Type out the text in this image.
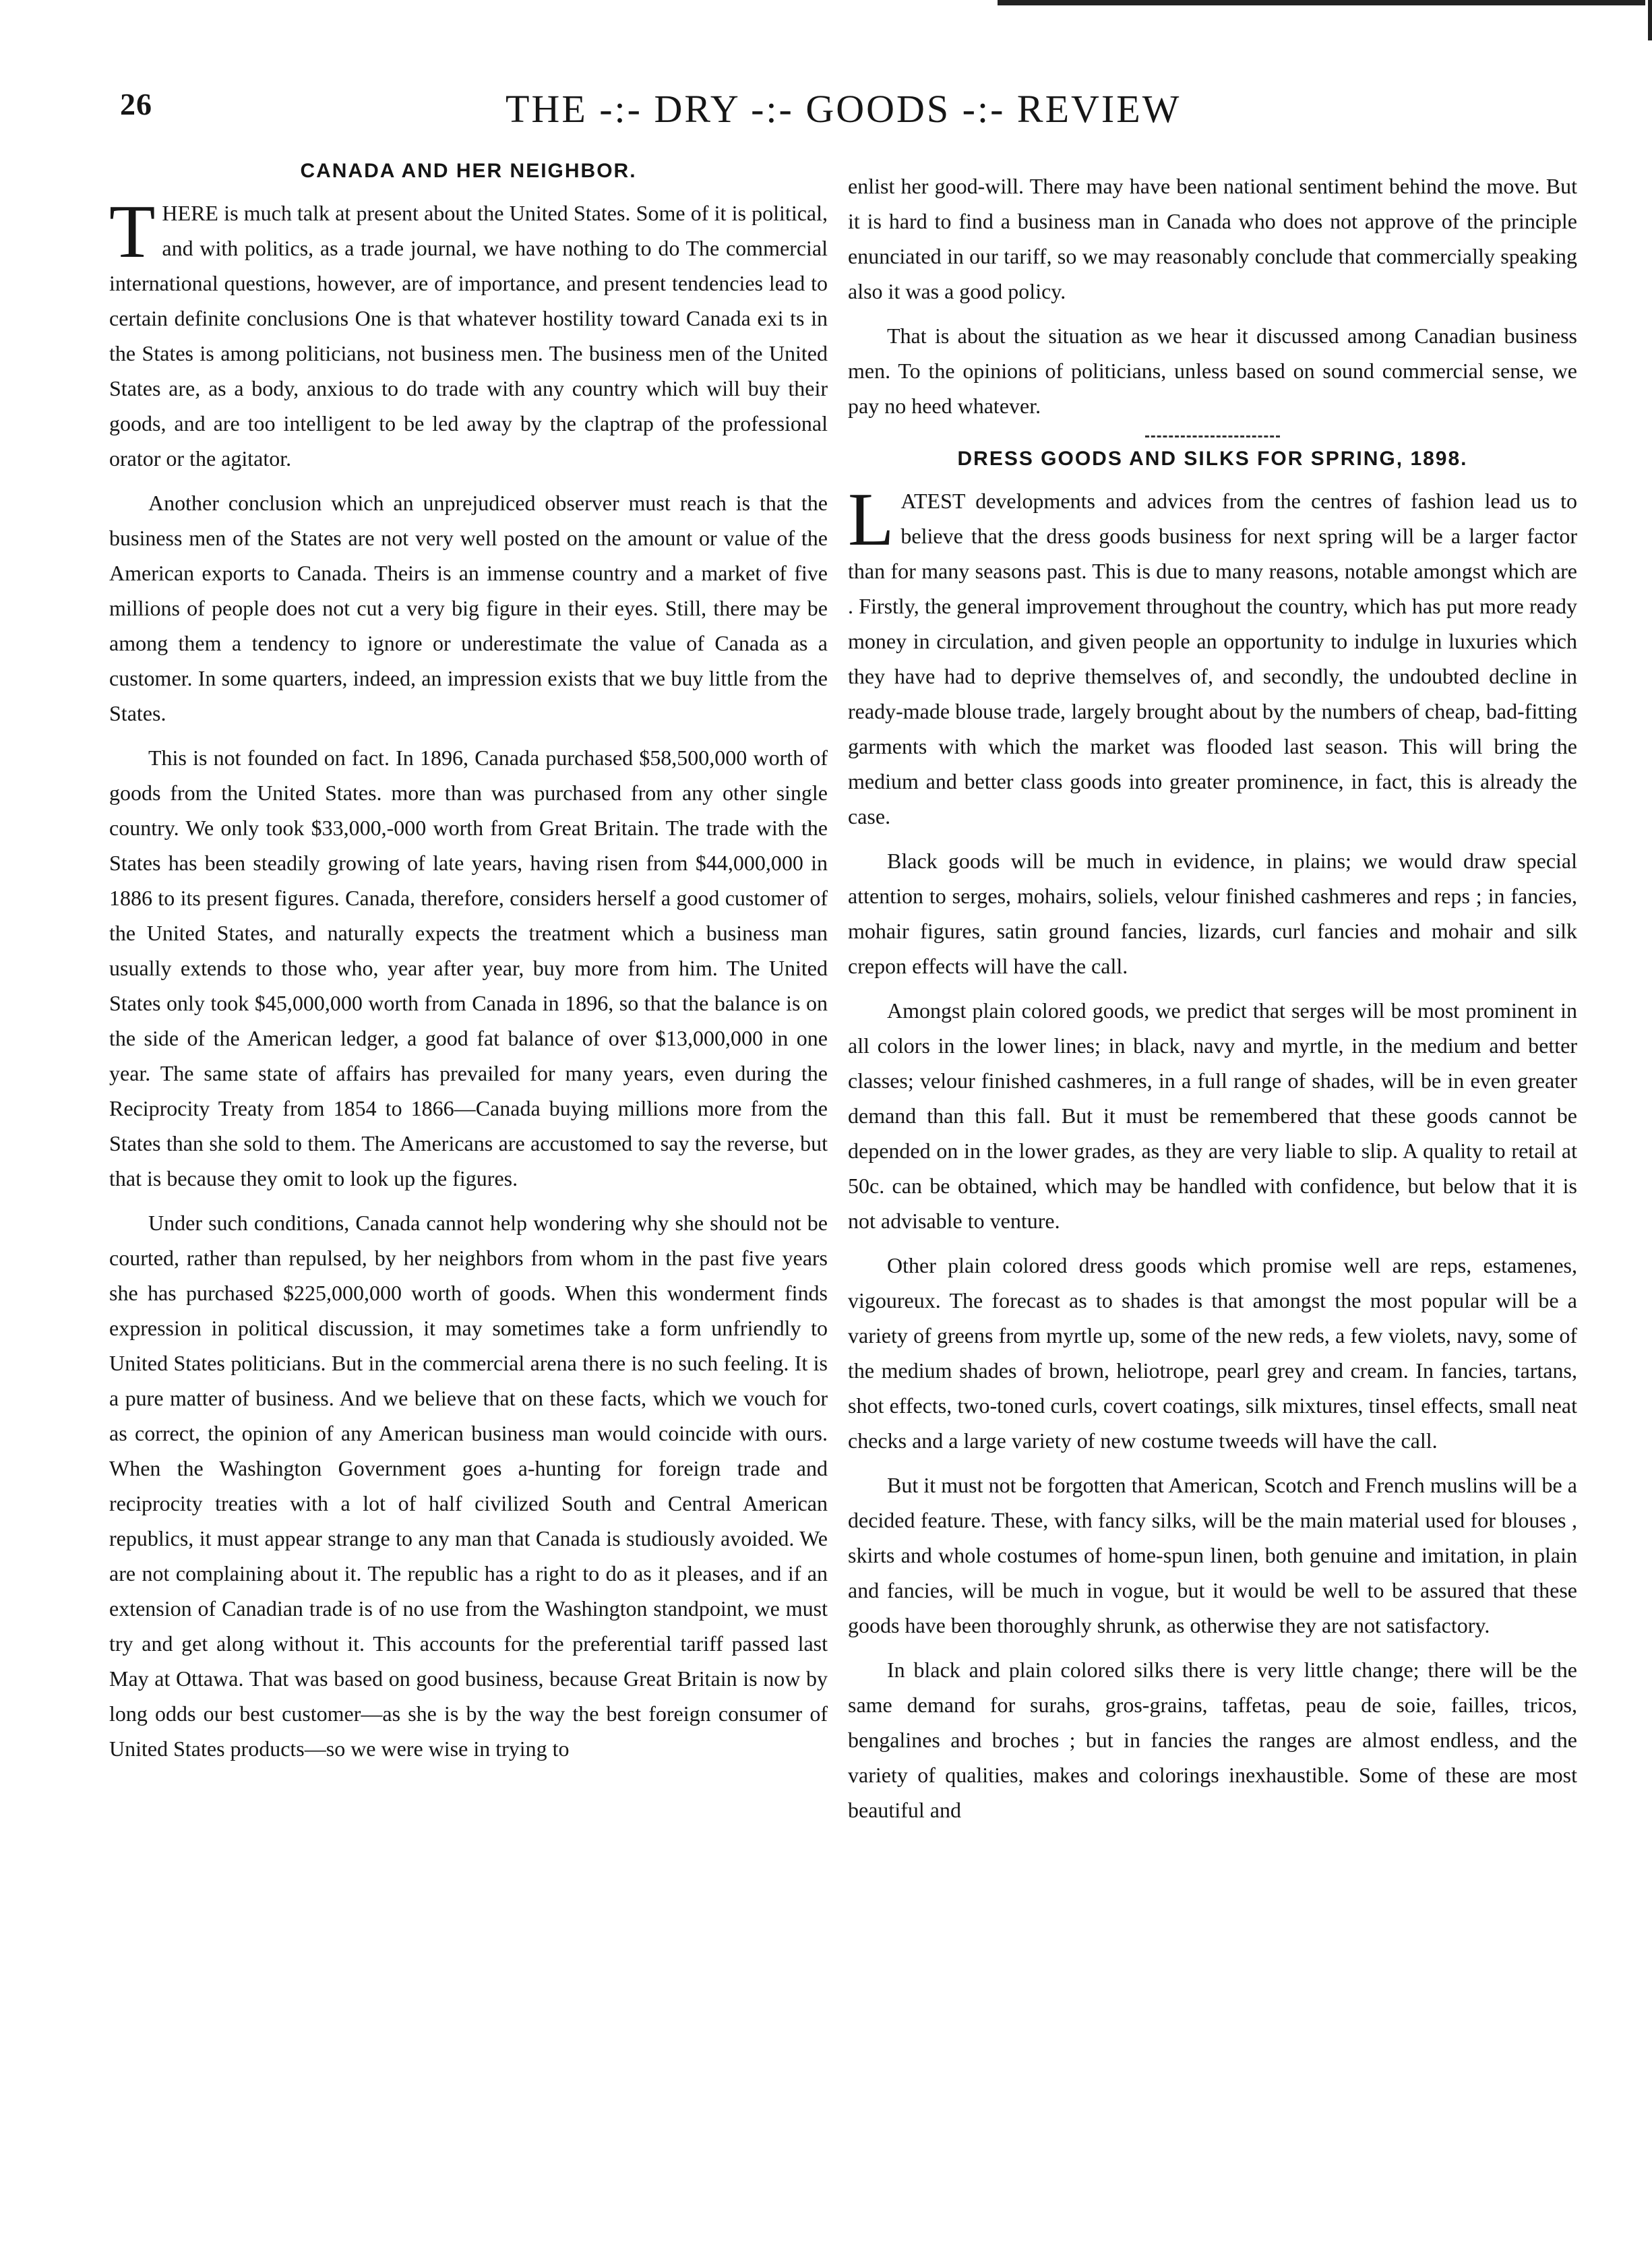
26	THE -:- DRY -:- GOODS -:- REVIEW
CANADA AND HER NEIGHBOR.

THERE is much talk at present about the United States. Some of it is political, and with politics, as a trade journal, we have nothing to do The commercial international questions, however, are of importance, and present tendencies lead to certain definite conclusions One is that whatever hostility toward Canada exi ts in the States is among politicians, not business men. The business men of the United States are, as a body, anxious to do trade with any country which will buy their goods, and are too intelligent to be led away by the claptrap of the professional orator or the agitator.

Another conclusion which an unprejudiced observer must reach is that the business men of the States are not very well posted on the amount or value of the American exports to Canada. Theirs is an immense country and a market of five millions of people does not cut a very big figure in their eyes. Still, there may be among them a tendency to ignore or underestimate the value of Canada as a customer. In some quarters, indeed, an impression exists that we buy little from the States.

This is not founded on fact. In 1896, Canada purchased $58,500,000 worth of goods from the United States. more than was purchased from any other single country. We only took $33,000,-000 worth from Great Britain. The trade with the States has been steadily growing of late years, having risen from $44,000,000 in 1886 to its present figures. Canada, therefore, considers herself a good customer of the United States, and naturally expects the treatment which a business man usually extends to those who, year after year, buy more from him. The United States only took $45,000,000 worth from Canada in 1896, so that the balance is on the side of the American ledger, a good fat balance of over $13,000,000 in one year. The same state of affairs has prevailed for many years, even during the Reciprocity Treaty from 1854 to 1866—Canada buying millions more from the States than she sold to them. The Americans are accustomed to say the reverse, but that is because they omit to look up the figures.

Under such conditions, Canada cannot help wondering why she should not be courted, rather than repulsed, by her neighbors from whom in the past five years she has purchased $225,000,000 worth of goods. When this wonderment finds expression in political discussion, it may sometimes take a form unfriendly to United States politicians. But in the commercial arena there is no such feeling. It is a pure matter of business. And we believe that on these facts, which we vouch for as correct, the opinion of any American business man would coincide with ours. When the Washington Government goes a-hunting for foreign trade and reciprocity treaties with a lot of half civilized South and Central American republics, it must appear strange to any man that Canada is studiously avoided. We are not complaining about it. The republic has a right to do as it pleases, and if an extension of Canadian trade is of no use from the Washington standpoint, we must try and get along without it. This accounts for the preferential tariff passed last May at Ottawa. That was based on good business, because Great Britain is now by long odds our best customer—as she is by the way the best foreign consumer of United States products—so we were wise in trying to

enlist her good-will. There may have been national sentiment behind the move. But it is hard to find a business man in Canada who does not approve of the principle enunciated in our tariff, so we may reasonably conclude that commercially speaking also it was a good policy.

That is about the situation as we hear it discussed among Canadian business men. To the opinions of politicians, unless based on sound commercial sense, we pay no heed whatever.

DRESS GOODS AND SILKS FOR SPRING, 1898.

LATEST developments and advices from the centres of fashion lead us to believe that the dress goods business for next spring will be a larger factor than for many seasons past. This is due to many reasons, notable amongst which are . Firstly, the general improvement throughout the country, which has put more ready money in circulation, and given people an opportunity to indulge in luxuries which they have had to deprive themselves of, and secondly, the undoubted decline in ready-made blouse trade, largely brought about by the numbers of cheap, bad-fitting garments with which the market was flooded last season. This will bring the medium and better class goods into greater prominence, in fact, this is already the case.

Black goods will be much in evidence, in plains; we would draw special attention to serges, mohairs, soliels, velour finished cashmeres and reps ; in fancies, mohair figures, satin ground fancies, lizards, curl fancies and mohair and silk crepon effects will have the call.

Amongst plain colored goods, we predict that serges will be most prominent in all colors in the lower lines; in black, navy and myrtle, in the medium and better classes; velour finished cashmeres, in a full range of shades, will be in even greater demand than this fall. But it must be remembered that these goods cannot be depended on in the lower grades, as they are very liable to slip. A quality to retail at 50c. can be obtained, which may be handled with confidence, but below that it is not advisable to venture.

Other plain colored dress goods which promise well are reps, estamenes, vigoureux. The forecast as to shades is that amongst the most popular will be a variety of greens from myrtle up, some of the new reds, a few violets, navy, some of the medium shades of brown, heliotrope, pearl grey and cream. In fancies, tartans, shot effects, two-toned curls, covert coatings, silk mixtures, tinsel effects, small neat checks and a large variety of new costume tweeds will have the call.

But it must not be forgotten that American, Scotch and French muslins will be a decided feature. These, with fancy silks, will be the main material used for blouses , skirts and whole costumes of home-spun linen, both genuine and imitation, in plain and fancies, will be much in vogue, but it would be well to be assured that these goods have been thoroughly shrunk, as otherwise they are not satisfactory.

In black and plain colored silks there is very little change; there will be the same demand for surahs, gros-grains, taffetas, peau de soie, failles, tricos, bengalines and broches ; but in fancies the ranges are almost endless, and the variety of qualities, makes and colorings inexhaustible. Some of these are most beautiful and
